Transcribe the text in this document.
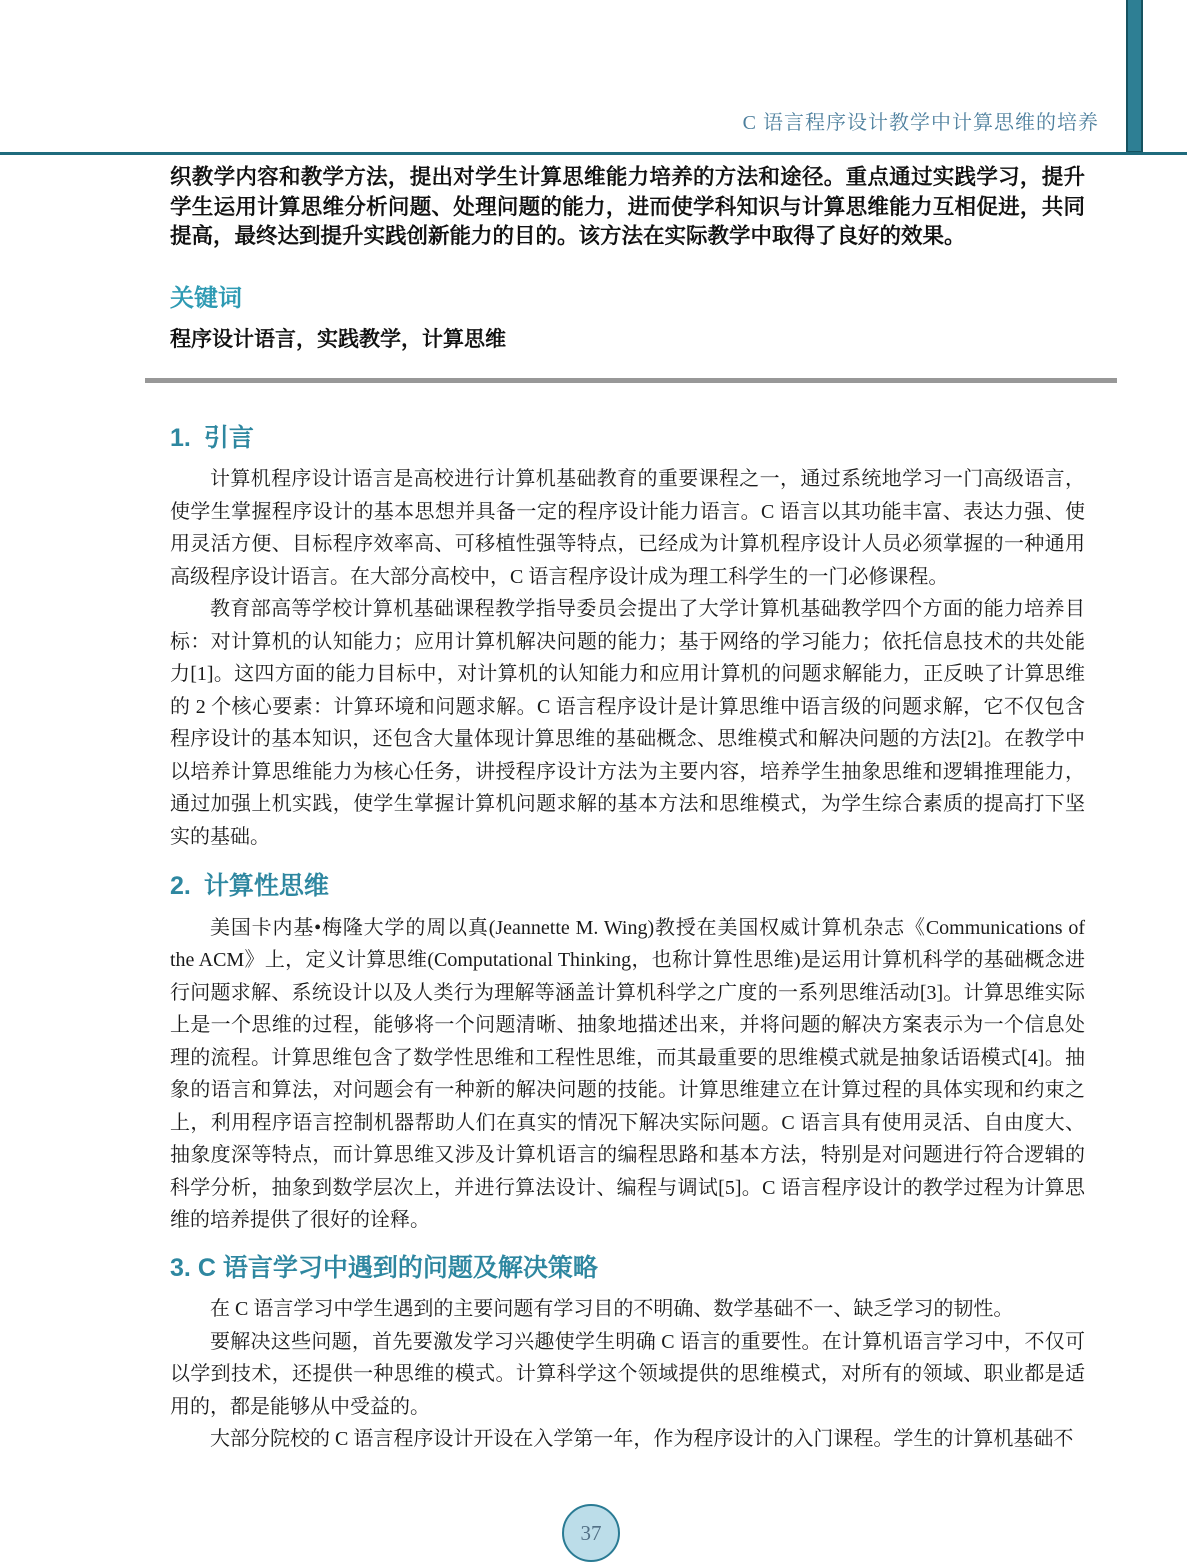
C 语言程序设计教学中计算思维的培养

织教学内容和教学方法，提出对学生计算思维能力培养的方法和途径。重点通过实践学习，提升学生运用计算思维分析问题、处理问题的能力，进而使学科知识与计算思维能力互相促进，共同提高，最终达到提升实践创新能力的目的。该方法在实际教学中取得了良好的效果。

关键词

程序设计语言，实践教学，计算思维

1. 引言

计算机程序设计语言是高校进行计算机基础教育的重要课程之一，通过系统地学习一门高级语言，使学生掌握程序设计的基本思想并具备一定的程序设计能力语言。C 语言以其功能丰富、表达力强、使用灵活方便、目标程序效率高、可移植性强等特点，已经成为计算机程序设计人员必须掌握的一种通用高级程序设计语言。在大部分高校中，C 语言程序设计成为理工科学生的一门必修课程。

教育部高等学校计算机基础课程教学指导委员会提出了大学计算机基础教学四个方面的能力培养目标：对计算机的认知能力；应用计算机解决问题的能力；基于网络的学习能力；依托信息技术的共处能力[1]。这四方面的能力目标中，对计算机的认知能力和应用计算机的问题求解能力，正反映了计算思维的 2 个核心要素：计算环境和问题求解。C 语言程序设计是计算思维中语言级的问题求解，它不仅包含程序设计的基本知识，还包含大量体现计算思维的基础概念、思维模式和解决问题的方法[2]。在教学中以培养计算思维能力为核心任务，讲授程序设计方法为主要内容，培养学生抽象思维和逻辑推理能力，通过加强上机实践，使学生掌握计算机问题求解的基本方法和思维模式，为学生综合素质的提高打下坚实的基础。

2. 计算性思维

美国卡内基•梅隆大学的周以真(Jeannette M. Wing)教授在美国权威计算机杂志《Communications of the ACM》上，定义计算思维(Computational Thinking，也称计算性思维)是运用计算机科学的基础概念进行问题求解、系统设计以及人类行为理解等涵盖计算机科学之广度的一系列思维活动[3]。计算思维实际上是一个思维的过程，能够将一个问题清晰、抽象地描述出来，并将问题的解决方案表示为一个信息处理的流程。计算思维包含了数学性思维和工程性思维，而其最重要的思维模式就是抽象话语模式[4]。抽象的语言和算法，对问题会有一种新的解决问题的技能。计算思维建立在计算过程的具体实现和约束之上，利用程序语言控制机器帮助人们在真实的情况下解决实际问题。C 语言具有使用灵活、自由度大、抽象度深等特点，而计算思维又涉及计算机语言的编程思路和基本方法，特别是对问题进行符合逻辑的科学分析，抽象到数学层次上，并进行算法设计、编程与调试[5]。C 语言程序设计的教学过程为计算思维的培养提供了很好的诠释。

3. C 语言学习中遇到的问题及解决策略

在 C 语言学习中学生遇到的主要问题有学习目的不明确、数学基础不一、缺乏学习的韧性。

要解决这些问题，首先要激发学习兴趣使学生明确 C 语言的重要性。在计算机语言学习中，不仅可以学到技术，还提供一种思维的模式。计算科学这个领域提供的思维模式，对所有的领域、职业都是适用的，都是能够从中受益的。

大部分院校的 C 语言程序设计开设在入学第一年，作为程序设计的入门课程。学生的计算机基础不

37
